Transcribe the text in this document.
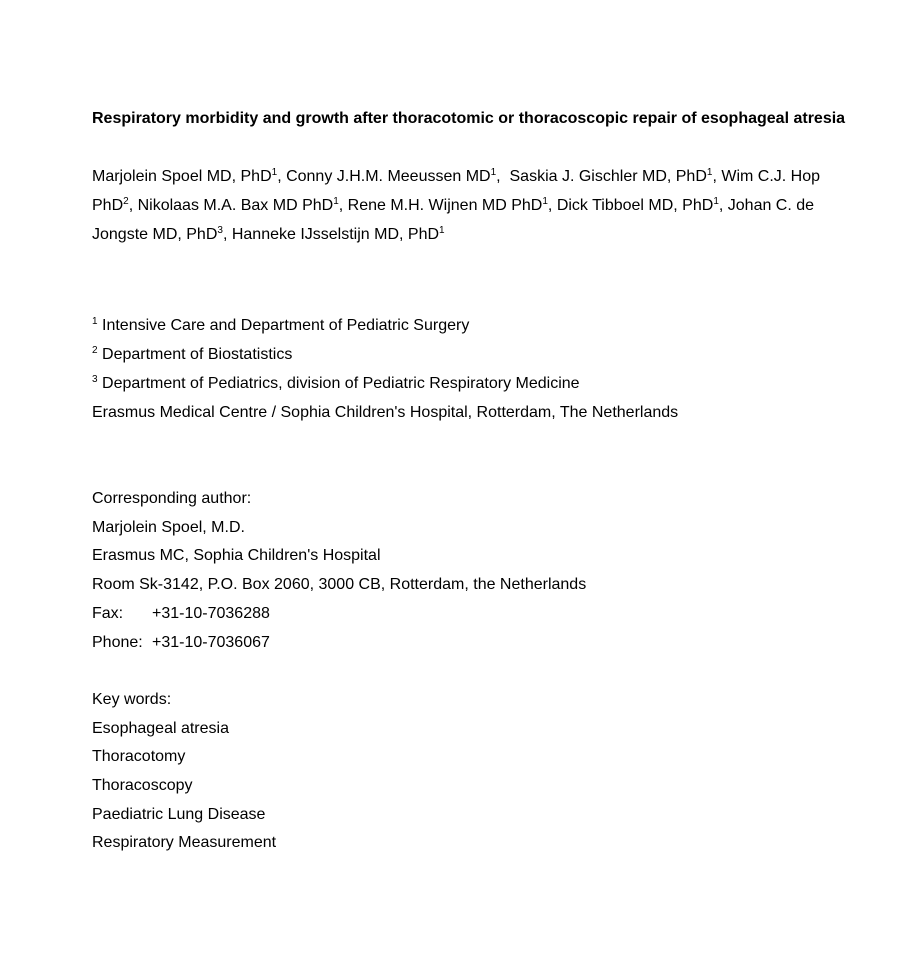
Respiratory morbidity and growth after thoracotomic or thoracoscopic repair of esophageal atresia
Marjolein Spoel MD, PhD$^1$, Conny J.H.M. Meeussen $MD^1$,  Saskia J. Gischler MD, PhD$^1$, Wim C.J. Hop PhD$^2$, Nikolaas M.A. Bax MD PhD$^1$, Rene M.H. Wijnen MD PhD$^1$, Dick Tibboel MD, PhD$^1$, Johan C. de Jongste MD, PhD$^3$, Hanneke IJsselstijn MD, PhD$^1$
$^1$ Intensive Care and Department of Pediatric Surgery
$^2$ Department of Biostatistics
$^3$ Department of Pediatrics, division of Pediatric Respiratory Medicine
Erasmus Medical Centre / Sophia Children's Hospital, Rotterdam, The Netherlands
Corresponding author:
Marjolein Spoel, M.D.
Erasmus MC, Sophia Children's Hospital
Room Sk-3142, P.O. Box 2060, 3000 CB, Rotterdam, the Netherlands
Fax: +31-10-7036288
Phone: +31-10-7036067
Key words:
Esophageal atresia
Thoracotomy
Thoracoscopy
Paediatric Lung Disease
Respiratory Measurement
